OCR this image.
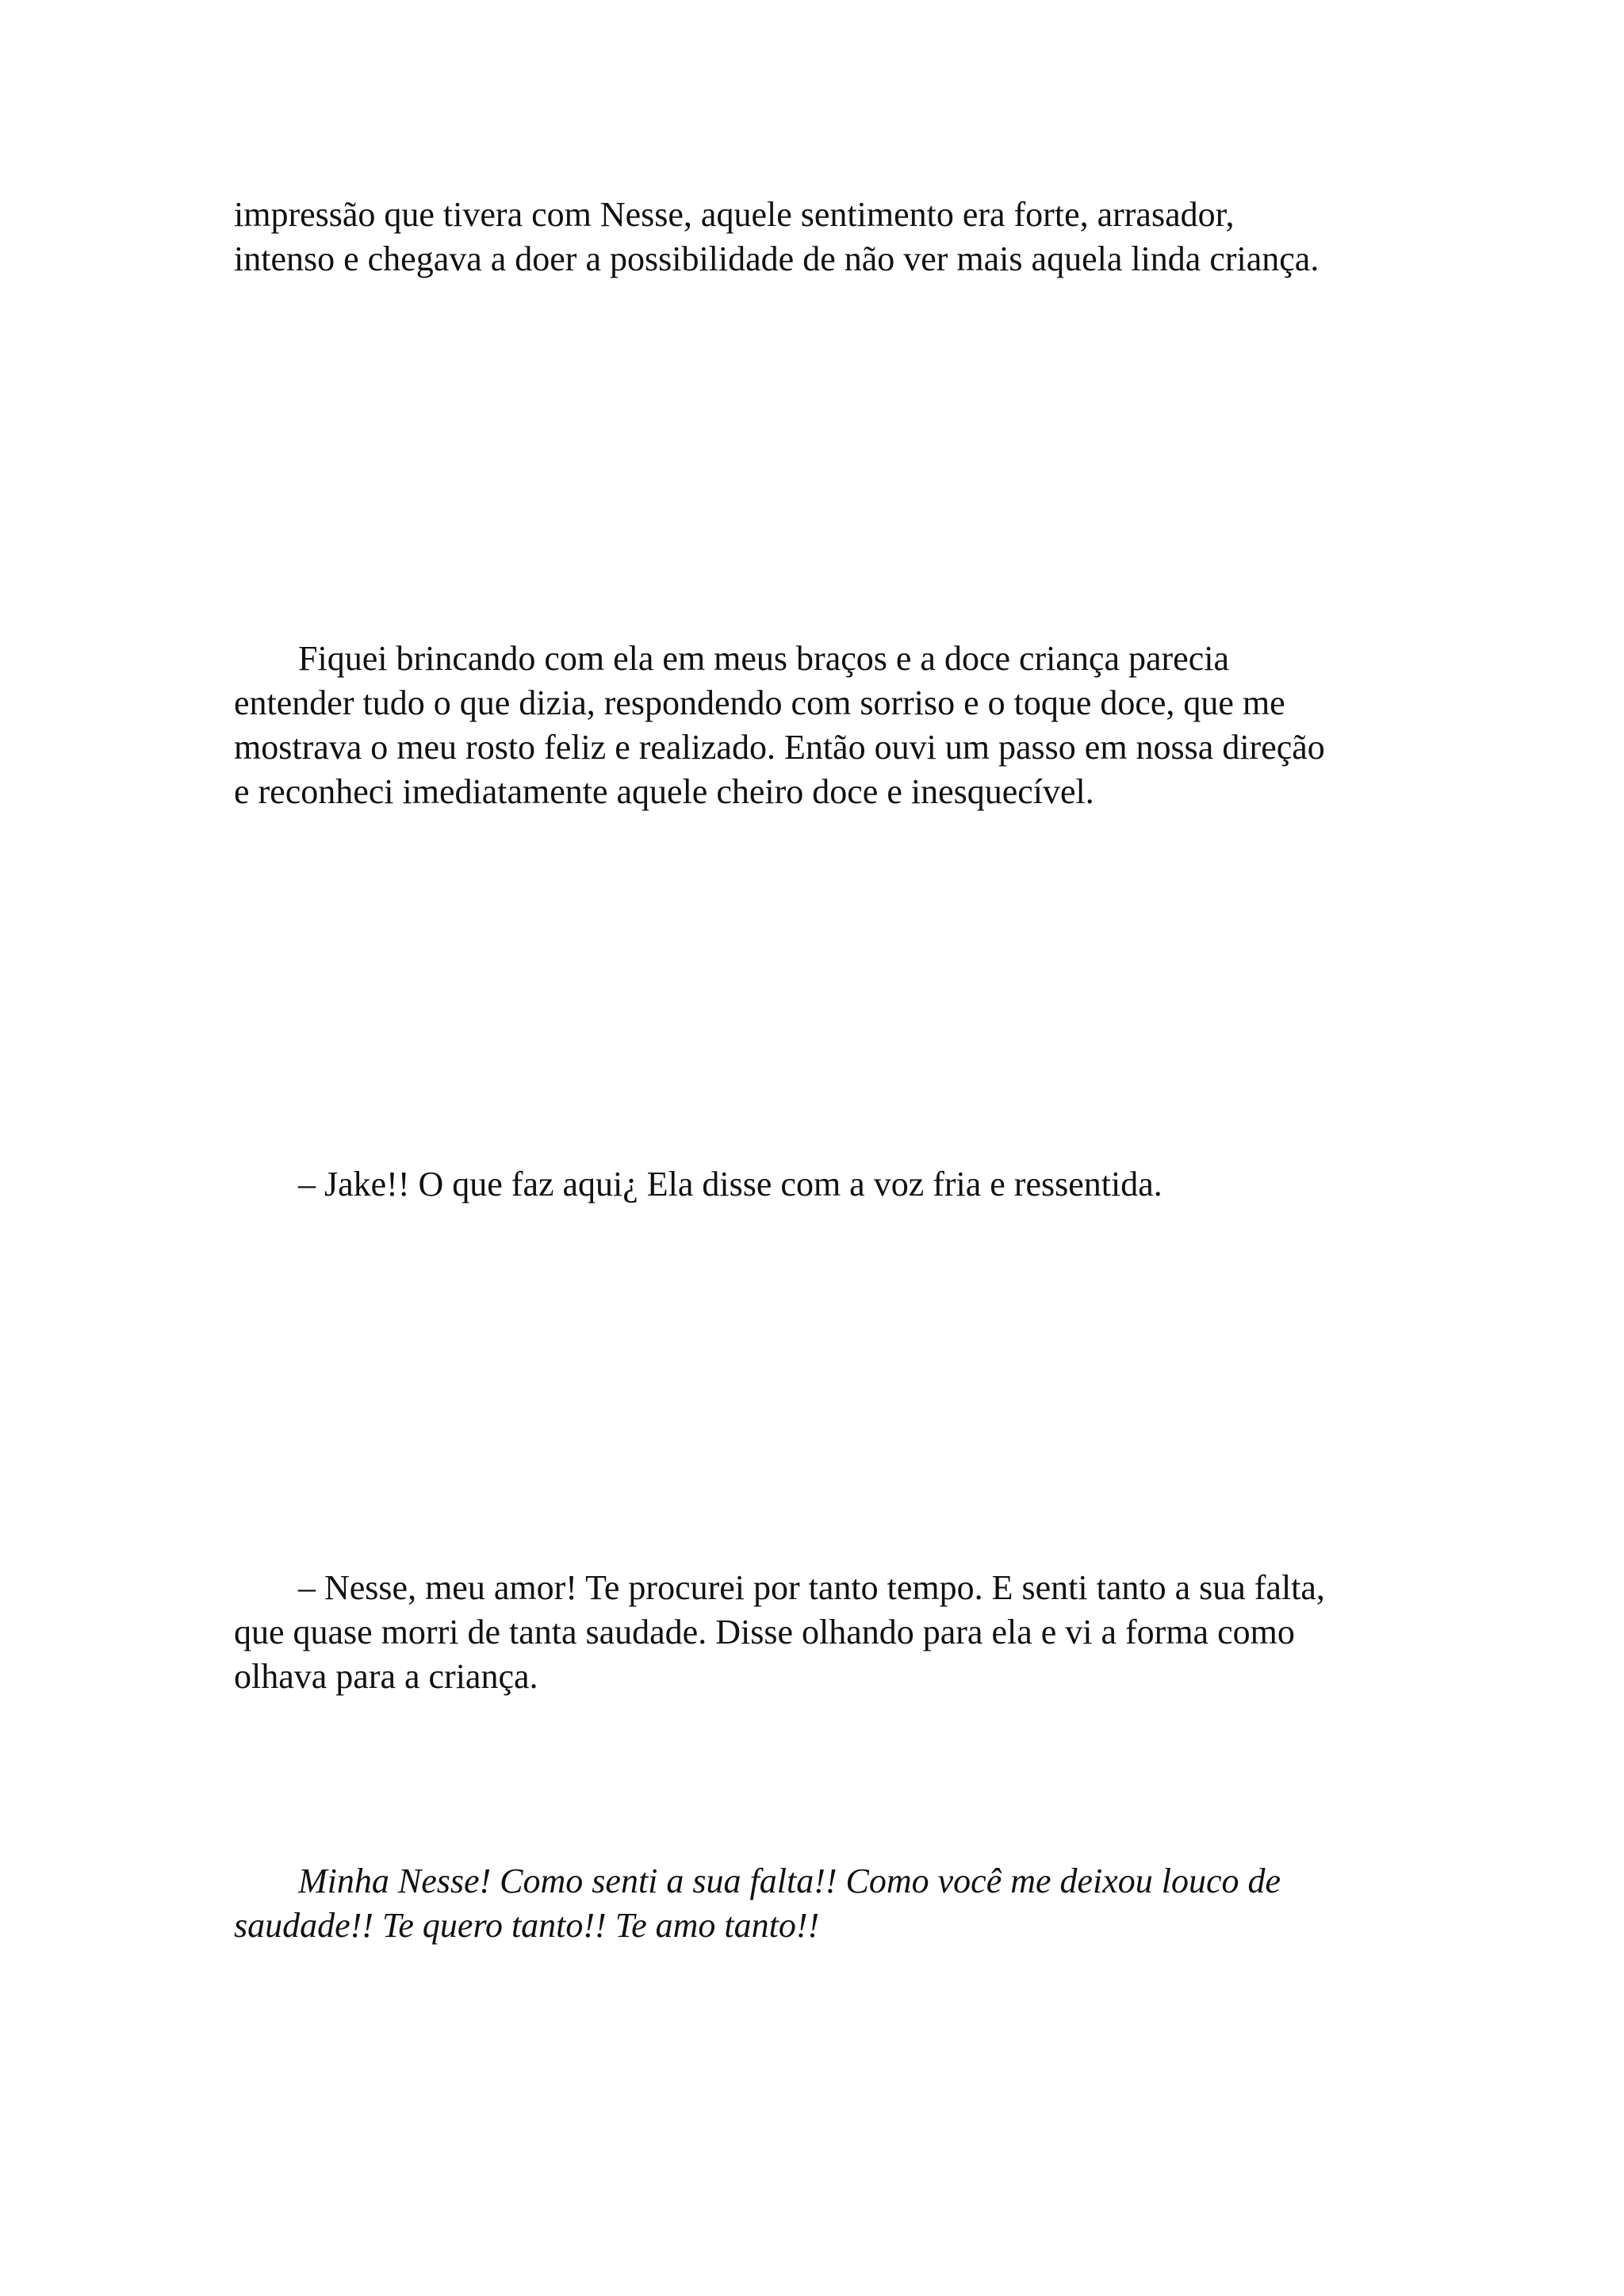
impressão que tivera com Nesse, aquele sentimento era forte, arrasador,
intenso e chegava a doer a possibilidade de não ver mais aquela linda criança.

Fiquei brincando com ela em meus braços e a doce criança parecia
entender tudo o que dizia, respondendo com sorriso e o toque doce, que me
mostrava o meu rosto feliz e realizado. Então ouvi um passo em nossa direção
e reconheci imediatamente aquele cheiro doce e inesquecível.

– Jake!! O que faz aqui¿ Ela disse com a voz fria e ressentida.

– Nesse, meu amor! Te procurei por tanto tempo. E senti tanto a sua falta,
que quase morri de tanta saudade. Disse olhando para ela e vi a forma como
olhava para a criança.

Minha Nesse! Como senti a sua falta!! Como você me deixou louco de
saudade!! Te quero tanto!! Te amo tanto!!
